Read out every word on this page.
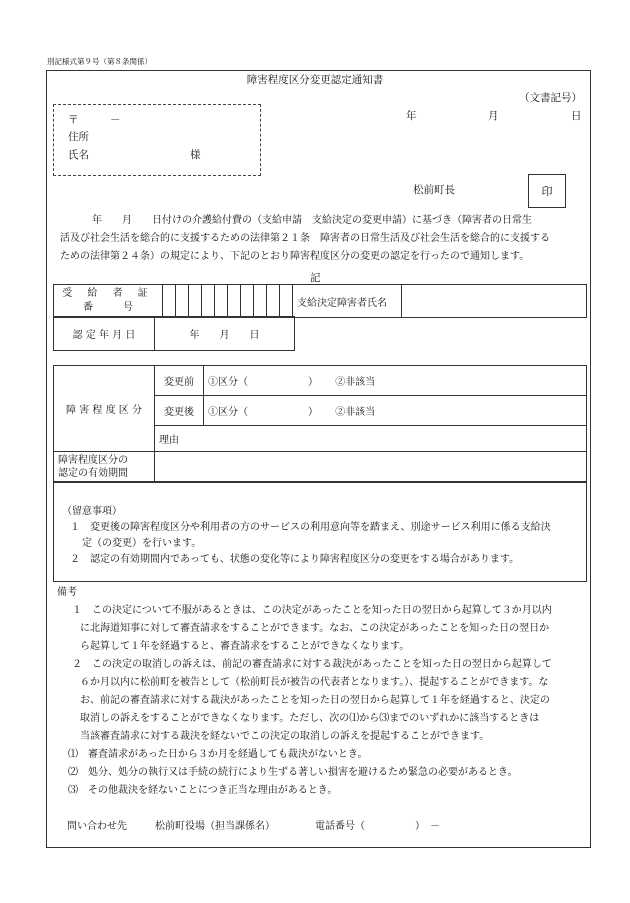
別記様式第９号（第８条関係）
障害程度区分変更認定通知書
（文書記号）
年	月	日
〒　　　－
住所
氏名	様
松前町長	印
年　　月　　日付けの介護給付費の（支給申請　支給決定の変更申請）に基づき（障害者の日常生
活及び社会生活を総合的に支援するための法律第２１条　障害者の日常生活及び社会生活を総合的に支援する
ための法律第２４条）の規定により、下記のとおり障害程度区分の変更の認定を行ったので通知します。
記
受 給 者 証
番　　　号											支給決定障害者氏名	
認 定 年 月 日	年　　月　　日
障 害 程 度 区 分	変更前	①区分（　　　　　　） ②非該当
	変更後	①区分（　　　　　　） ②非該当
	理由	

障害程度区分の
認定の有効期間		

（留意事項）
１　変更後の障害程度区分や利用者の方のサービスの利用意向等を踏まえ、別途サービス利用に係る支給決
定（の変更）を行います。
２　認定の有効期間内であっても、状態の変化等により障害程度区分の変更をする場合があります。
備考
１　この決定について不服があるときは、この決定があったことを知った日の翌日から起算して３か月以内
に北海道知事に対して審査請求をすることができます。なお、この決定があったことを知った日の翌日か
ら起算して１年を経過すると、審査請求をすることができなくなります。
２　この決定の取消しの訴えは、前記の審査請求に対する裁決があったことを知った日の翌日から起算して
６か月以内に松前町を被告として（松前町長が被告の代表者となります。）、提起することができます。な
お、前記の審査請求に対する裁決があったことを知った日の翌日から起算して１年を経過すると、決定の
取消しの訴えをすることができなくなります。ただし、次の⑴から⑶までのいずれかに該当するときは
当該審査請求に対する裁決を経ないでこの決定の取消しの訴えを提起することができます。
⑴　審査請求があった日から３か月を経過しても裁決がないとき。
⑵　処分、処分の執行又は手続の続行により生ずる著しい損害を避けるため緊急の必要があるとき。
⑶　その他裁決を経ないことにつき正当な理由があるとき。
問い合わせ先	松前町役場（担当課係名）	電話番号（　　　　　）　－
